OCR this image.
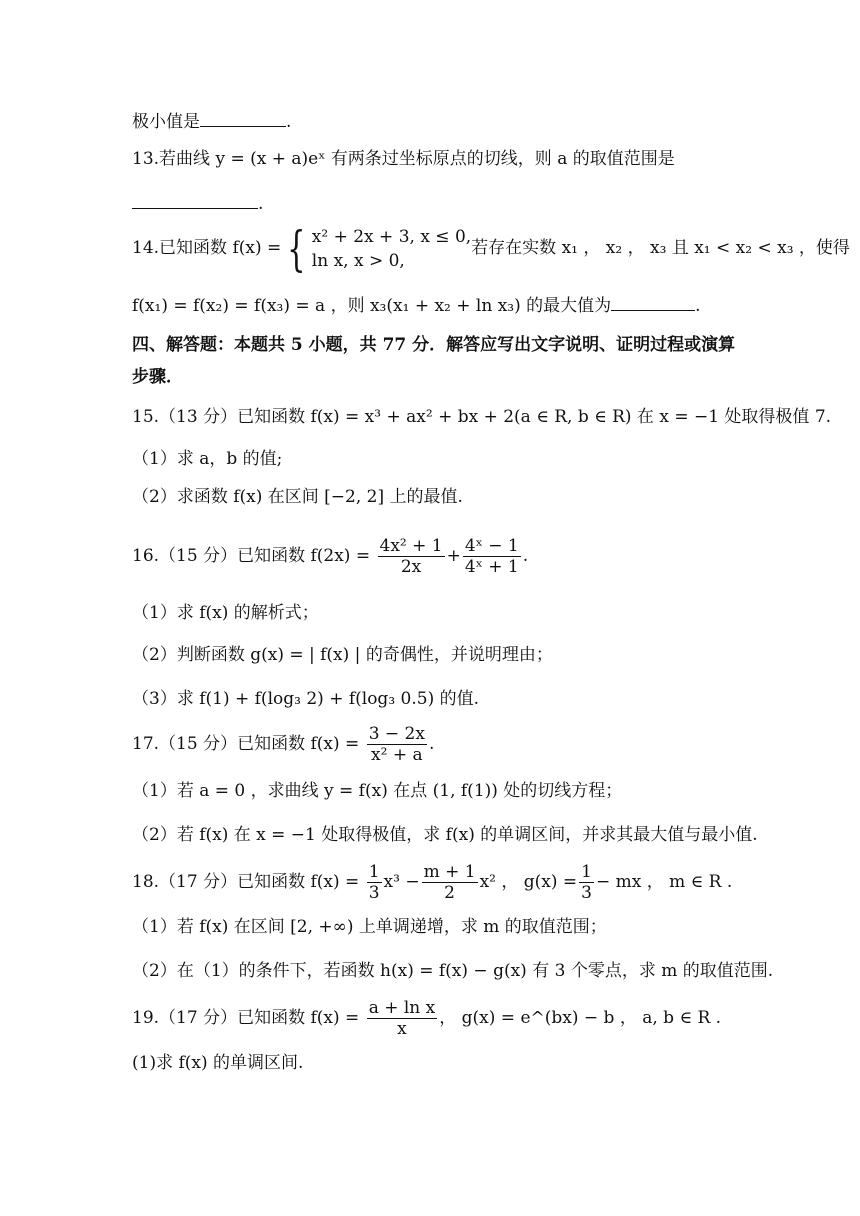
极小值是	.
13.若曲线 y = (x + a)eˣ 有两条过坐标原点的切线，则 a 的取值范围是
.
14.已知函数 f(x) = { x² + 2x + 3, x ≤ 0,
ln x, x > 0,
若存在实数 x₁ ， x₂ ， x₃ 且 x₁ < x₂ < x₃ ，使得
f(x₁) = f(x₂) = f(x₃) = a ，则 x₃(x₁ + x₂ + ln x₃) 的最大值为	.
四、解答题：本题共 5 小题，共 77 分．解答应写出文字说明、证明过程或演算
步骤．
15.（13 分）已知函数 f(x) = x³ + ax² + bx + 2(a ∈ R, b ∈ R) 在 x = −1 处取得极值 7.
（1）求 a，b 的值;
（2）求函数 f(x) 在区间 [−2, 2] 上的最值.
16.（15 分）已知函数 $f(2x) = \frac{\text{4x² + 1}}{2x} + \frac{\text{4ˣ − 1}}{\text{4ˣ + 1}}$ .
（1）求 f(x) 的解析式；
（2）判断函数 g(x) = | f(x) | 的奇偶性，并说明理由；
（3）求 f(1) + f(log₃ 2) + f(log₃ 0.5) 的值.
17.（15 分）已知函数 $f(x) = \frac{3 - 2x}{\text{x² + a}}$ .
（1）若 a = 0 ，求曲线 y = f(x) 在点 (1, f(1)) 处的切线方程；
（2）若 f(x) 在 x = −1 处取得极值，求 f(x) 的单调区间，并求其最大值与最小值.
18.（17 分）已知函数 $f(x) = \frac{1}{3} x^3 - \frac{m + 1}{2} x^2$ ， $g(x) = \frac{1}{3}$ − mx ， m ∈ R .
（1）若 f(x) 在区间 [2, +∞) 上单调递增，求 m 的取值范围；
（2）在（1）的条件下，若函数 h(x) = f(x) − g(x) 有 3 个零点，求 m 的取值范围.
19.（17 分）已知函数 $f(x) = \frac{\text{a + ln x}}{x}$ ， g(x) = e^(bx) − b ， a, b ∈ R .
(1)求 f(x) 的单调区间.
